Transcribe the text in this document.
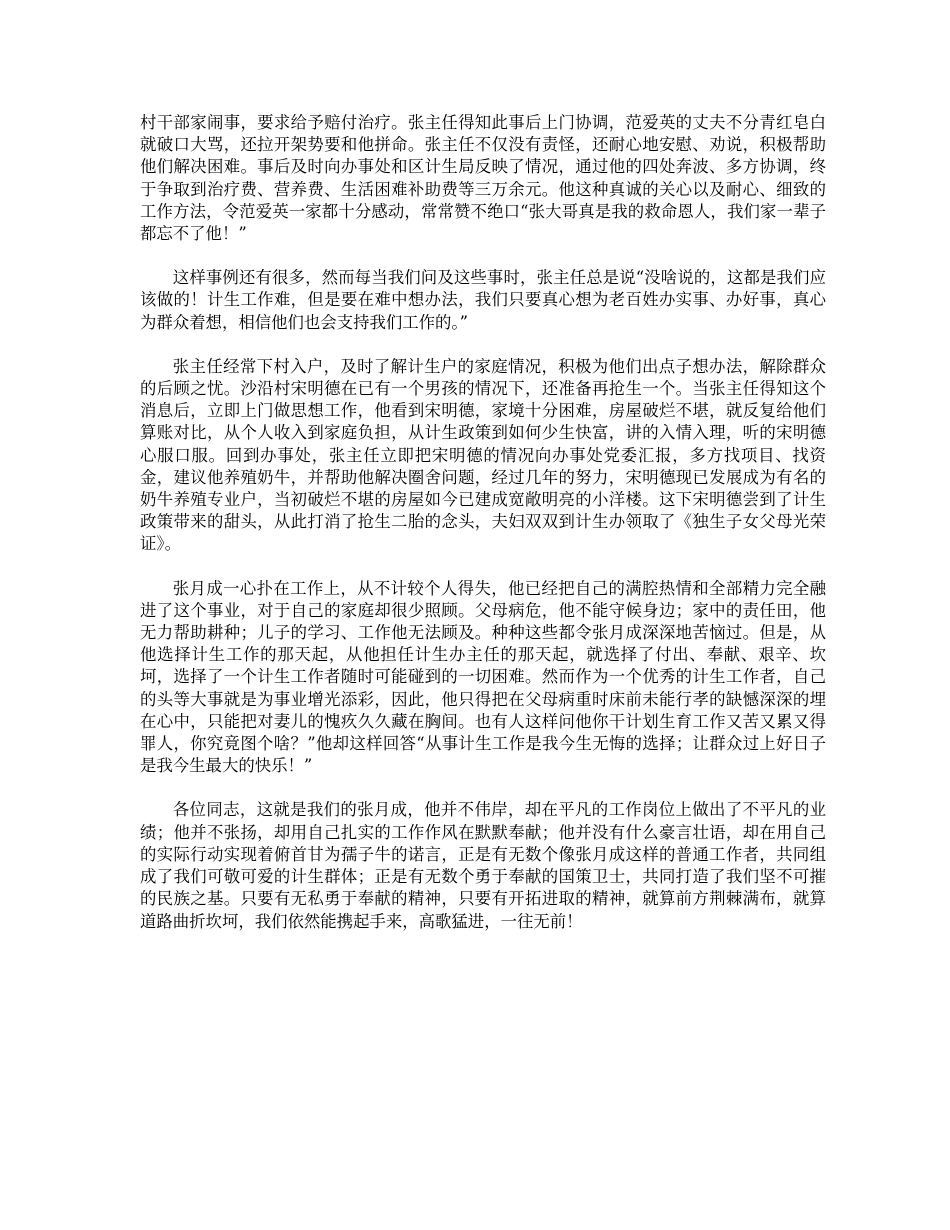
村干部家闹事，要求给予赔付治疗。张主任得知此事后上门协调，范爱英的丈夫不分青红皂白就破口大骂，还拉开架势要和他拼命。张主任不仅没有责怪，还耐心地安慰、劝说，积极帮助他们解决困难。事后及时向办事处和区计生局反映了情况，通过他的四处奔波、多方协调，终于争取到治疗费、营养费、生活困难补助费等三万余元。他这种真诚的关心以及耐心、细致的工作方法，令范爱英一家都十分感动，常常赞不绝口“张大哥真是我的救命恩人，我们家一辈子都忘不了他！”

这样事例还有很多，然而每当我们问及这些事时，张主任总是说“没啥说的，这都是我们应该做的！计生工作难，但是要在难中想办法，我们只要真心想为老百姓办实事、办好事，真心为群众着想，相信他们也会支持我们工作的。”

张主任经常下村入户，及时了解计生户的家庭情况，积极为他们出点子想办法，解除群众的后顾之忧。沙沿村宋明德在已有一个男孩的情况下，还准备再抢生一个。当张主任得知这个消息后，立即上门做思想工作，他看到宋明德，家境十分困难，房屋破烂不堪，就反复给他们算账对比，从个人收入到家庭负担，从计生政策到如何少生快富，讲的入情入理，听的宋明德心服口服。回到办事处，张主任立即把宋明德的情况向办事处党委汇报，多方找项目、找资金，建议他养殖奶牛，并帮助他解决圈舍问题，经过几年的努力，宋明德现已发展成为有名的奶牛养殖专业户，当初破烂不堪的房屋如今已建成宽敞明亮的小洋楼。这下宋明德尝到了计生政策带来的甜头，从此打消了抢生二胎的念头，夫妇双双到计生办领取了《独生子女父母光荣证》。

张月成一心扑在工作上，从不计较个人得失，他已经把自己的满腔热情和全部精力完全融进了这个事业，对于自己的家庭却很少照顾。父母病危，他不能守候身边；家中的责任田，他无力帮助耕种；儿子的学习、工作他无法顾及。种种这些都令张月成深深地苦恼过。但是，从他选择计生工作的那天起，从他担任计生办主任的那天起，就选择了付出、奉献、艰辛、坎坷，选择了一个计生工作者随时可能碰到的一切困难。然而作为一个优秀的计生工作者，自己的头等大事就是为事业增光添彩，因此，他只得把在父母病重时床前未能行孝的缺憾深深的埋在心中，只能把对妻儿的愧疚久久藏在胸间。也有人这样问他你干计划生育工作又苦又累又得罪人，你究竟图个啥？”他却这样回答“从事计生工作是我今生无悔的选择；让群众过上好日子是我今生最大的快乐！”

各位同志，这就是我们的张月成，他并不伟岸，却在平凡的工作岗位上做出了不平凡的业绩；他并不张扬，却用自己扎实的工作作风在默默奉献；他并没有什么豪言壮语，却在用自己的实际行动实现着俯首甘为孺子牛的诺言，正是有无数个像张月成这样的普通工作者，共同组成了我们可敬可爱的计生群体；正是有无数个勇于奉献的国策卫士，共同打造了我们坚不可摧的民族之基。只要有无私勇于奉献的精神，只要有开拓进取的精神，就算前方荆棘满布，就算道路曲折坎坷，我们依然能携起手来，高歌猛进，一往无前！
